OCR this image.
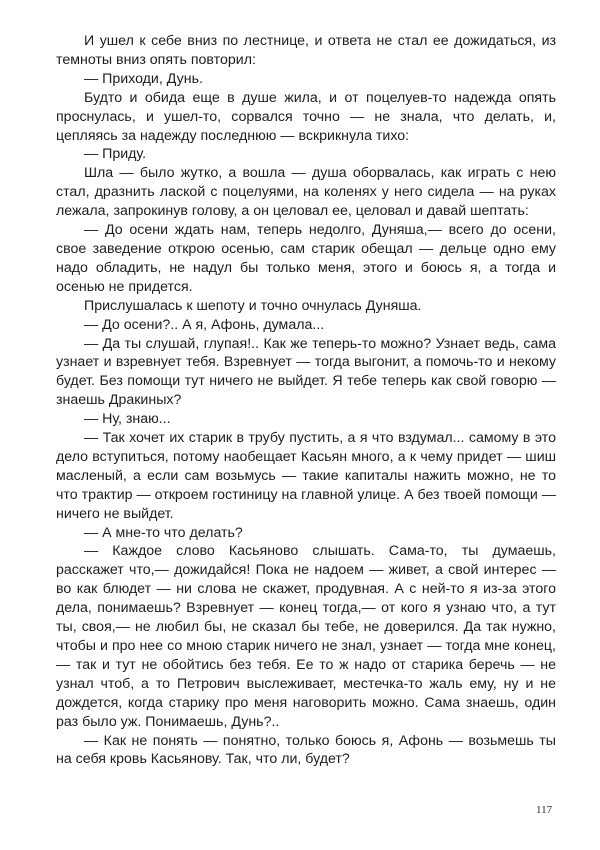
И ушел к себе вниз по лестнице, и ответа не стал ее дожидаться, из темноты вниз опять повторил:

— Приходи, Дунь.

Будто и обида еще в душе жила, и от поцелуев-то надежда опять проснулась, и ушел-то, сорвался точно — не знала, что делать, и, цепляясь за надежду последнюю — вскрикнула тихо:

— Приду.

Шла — было жутко, а вошла — душа оборвалась, как играть с нею стал, дразнить лаской с поцелуями, на коленях у него сидела — на руках лежала, запрокинув голову, а он целовал ее, целовал и давай шептать:

— До осени ждать нам, теперь недолго, Дуняша,— всего до осени, свое заведение открою осенью, сам старик обещал — дельце одно ему надо обладить, не надул бы только меня, этого и боюсь я, а тогда и осенью не придется.

Прислушалась к шепоту и точно очнулась Дуняша.

— До осени?.. А я, Афонь, думала...

— Да ты слушай, глупая!.. Как же теперь-то можно? Узнает ведь, сама узнает и взревнует тебя. Взревнует — тогда выгонит, а помочь-то и некому будет. Без помощи тут ничего не выйдет. Я тебе теперь как свой говорю — знаешь Дракиных?

— Ну, знаю...

— Так хочет их старик в трубу пустить, а я что вздумал... самому в это дело вступиться, потому наобещает Касьян много, а к чему придет — шиш масленый, а если сам возьмусь — такие капиталы нажить можно, не то что трактир — откроем гостиницу на главной улице. А без твоей помощи — ничего не выйдет.

— А мне-то что делать?

— Каждое слово Касьяново слышать. Сама-то, ты думаешь, расскажет что,— дожидайся! Пока не надоем — живет, а свой интерес — во как блюдет — ни слова не скажет, продувная. А с ней-то я из-за этого дела, понимаешь? Взревнует — конец тогда,— от кого я узнаю что, а тут ты, своя,— не любил бы, не сказал бы тебе, не доверился. Да так нужно, чтобы и про нее со мною старик ничего не знал, узнает — тогда мне конец,— так и тут не обойтись без тебя. Ее то ж надо от старика беречь — не узнал чтоб, а то Петрович выслеживает, местечка-то жаль ему, ну и не дождется, когда старику про меня наговорить можно. Сама знаешь, один раз было уж. Понимаешь, Дунь?..

— Как не понять — понятно, только боюсь я, Афонь — возьмешь ты на себя кровь Касьянову. Так, что ли, будет?

117
